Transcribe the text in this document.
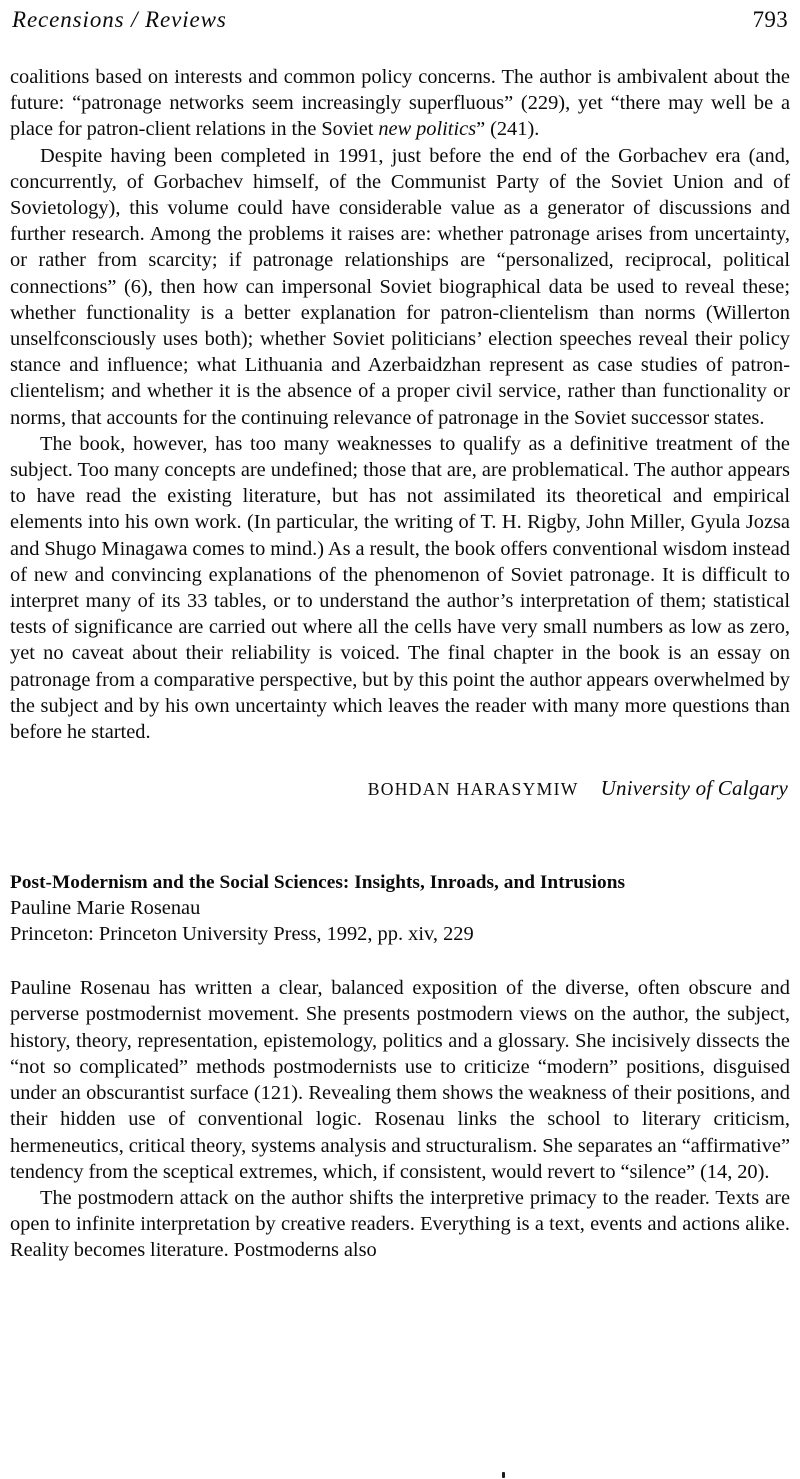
Recensions / Reviews	793

coalitions based on interests and common policy concerns. The author is ambivalent about the future: “patronage networks seem increasingly superfluous” (229), yet “there may well be a place for patron-client relations in the Soviet new politics” (241).

Despite having been completed in 1991, just before the end of the Gorbachev era (and, concurrently, of Gorbachev himself, of the Communist Party of the Soviet Union and of Sovietology), this volume could have considerable value as a generator of discussions and further research. Among the problems it raises are: whether patronage arises from uncertainty, or rather from scarcity; if patronage relationships are “personalized, reciprocal, political connections” (6), then how can impersonal Soviet biographical data be used to reveal these; whether functionality is a better explanation for patron-clientelism than norms (Willerton unselfconsciously uses both); whether Soviet politicians’ election speeches reveal their policy stance and influence; what Lithuania and Azerbaidzhan represent as case studies of patron-clientelism; and whether it is the absence of a proper civil service, rather than functionality or norms, that accounts for the continuing relevance of patronage in the Soviet successor states.

The book, however, has too many weaknesses to qualify as a definitive treatment of the subject. Too many concepts are undefined; those that are, are problematical. The author appears to have read the existing literature, but has not assimilated its theoretical and empirical elements into his own work. (In particular, the writing of T. H. Rigby, John Miller, Gyula Jozsa and Shugo Minagawa comes to mind.) As a result, the book offers conventional wisdom instead of new and convincing explanations of the phenomenon of Soviet patronage. It is difficult to interpret many of its 33 tables, or to understand the author’s interpretation of them; statistical tests of significance are carried out where all the cells have very small numbers as low as zero, yet no caveat about their reliability is voiced. The final chapter in the book is an essay on patronage from a comparative perspective, but by this point the author appears overwhelmed by the subject and by his own uncertainty which leaves the reader with many more questions than before he started.

BOHDAN HARASYMIW University of Calgary

Post-Modernism and the Social Sciences: Insights, Inroads, and Intrusions

Pauline Marie Rosenau

Princeton: Princeton University Press, 1992, pp. xiv, 229

Pauline Rosenau has written a clear, balanced exposition of the diverse, often obscure and perverse postmodernist movement. She presents postmodern views on the author, the subject, history, theory, representation, epistemology, politics and a glossary. She incisively dissects the “not so complicated” methods postmodernists use to criticize “modern” positions, disguised under an obscurantist surface (121). Revealing them shows the weakness of their positions, and their hidden use of conventional logic. Rosenau links the school to literary criticism, hermeneutics, critical theory, systems analysis and structuralism. She separates an “affirmative” tendency from the sceptical extremes, which, if consistent, would revert to “silence” (14, 20).

The postmodern attack on the author shifts the interpretive primacy to the reader. Texts are open to infinite interpretation by creative readers. Everything is a text, events and actions alike. Reality becomes literature. Postmoderns also
